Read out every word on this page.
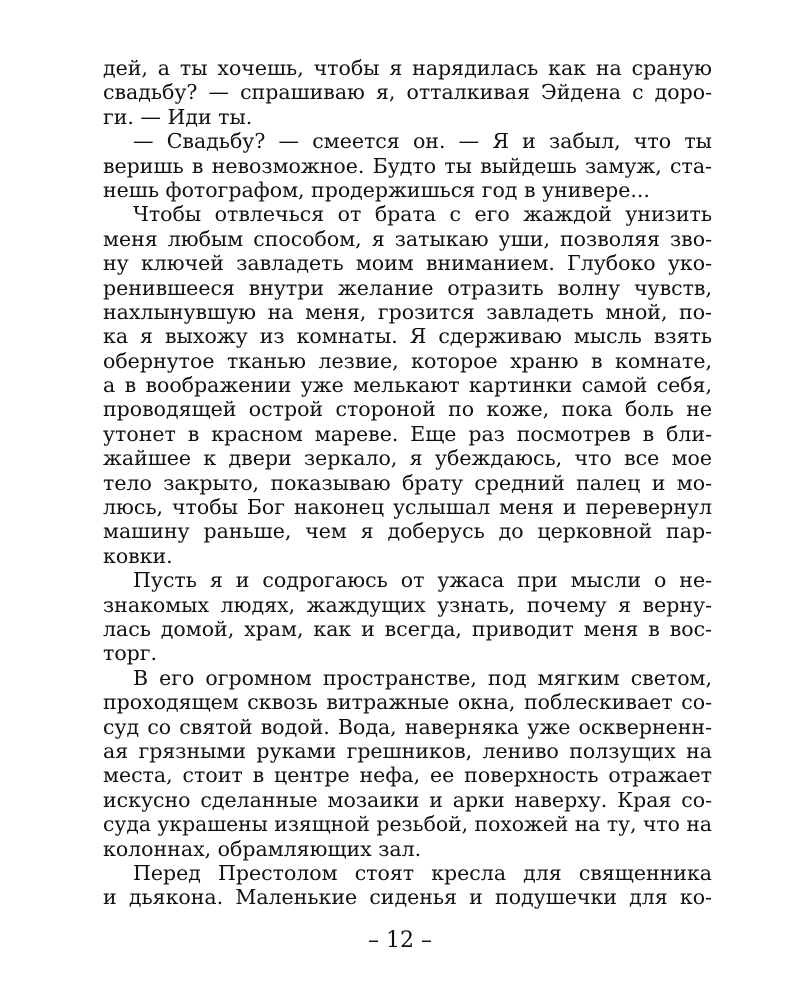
дей, а ты хочешь, чтобы я нарядилась как на сраную
свадьбу? — спрашиваю я, отталкивая Эйдена с доро-
ги. — Иди ты.
— Свадьбу? — смеется он. — Я и забыл, что ты
веришь в невозможное. Будто ты выйдешь замуж, ста-
нешь фотографом, продержишься год в универе...
Чтобы отвлечься от брата с его жаждой унизить
меня любым способом, я затыкаю уши, позволяя зво-
ну ключей завладеть моим вниманием. Глубоко уко-
ренившееся внутри желание отразить волну чувств,
нахлынувшую на меня, грозится завладеть мной, по-
ка я выхожу из комнаты. Я сдерживаю мысль взять
обернутое тканью лезвие, которое храню в комнате,
а в воображении уже мелькают картинки самой себя,
проводящей острой стороной по коже, пока боль не
утонет в красном мареве. Еще раз посмотрев в бли-
жайшее к двери зеркало, я убеждаюсь, что все мое
тело закрыто, показываю брату средний палец и мо-
люсь, чтобы Бог наконец услышал меня и перевернул
машину раньше, чем я доберусь до церковной пар-
ковки.
Пусть я и содрогаюсь от ужаса при мысли о не-
знакомых людях, жаждущих узнать, почему я верну-
лась домой, храм, как и всегда, приводит меня в вос-
торг.
В его огромном пространстве, под мягким светом,
проходящем сквозь витражные окна, поблескивает со-
суд со святой водой. Вода, наверняка уже оскверненн-
ая грязными руками грешников, лениво ползущих на
места, стоит в центре нефа, ее поверхность отражает
искусно сделанные мозаики и арки наверху. Края со-
суда украшены изящной резьбой, похожей на ту, что на
колоннах, обрамляющих зал.
Перед Престолом стоят кресла для священника
и дьякона. Маленькие сиденья и подушечки для ко-
– 12 –
